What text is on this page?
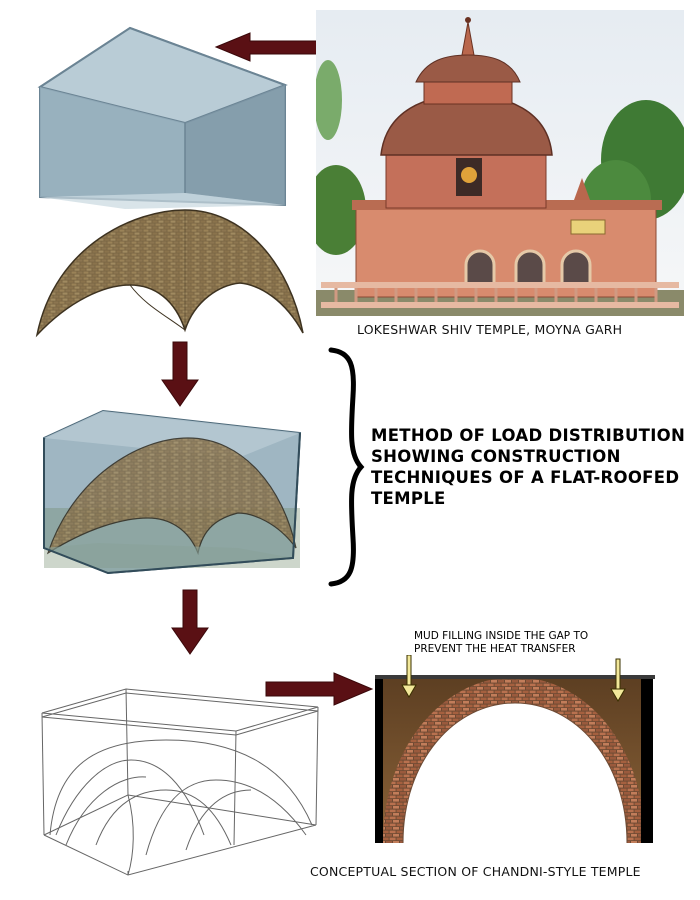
LOKESHWAR SHIV TEMPLE, MOYNA GARH
METHOD OF LOAD DISTRIBUTION
SHOWING CONSTRUCTION
TECHNIQUES OF A FLAT-ROOFED
TEMPLE
MUD FILLING INSIDE THE GAP TO
PREVENT THE HEAT TRANSFER
CONCEPTUAL SECTION OF CHANDNI-STYLE TEMPLE
